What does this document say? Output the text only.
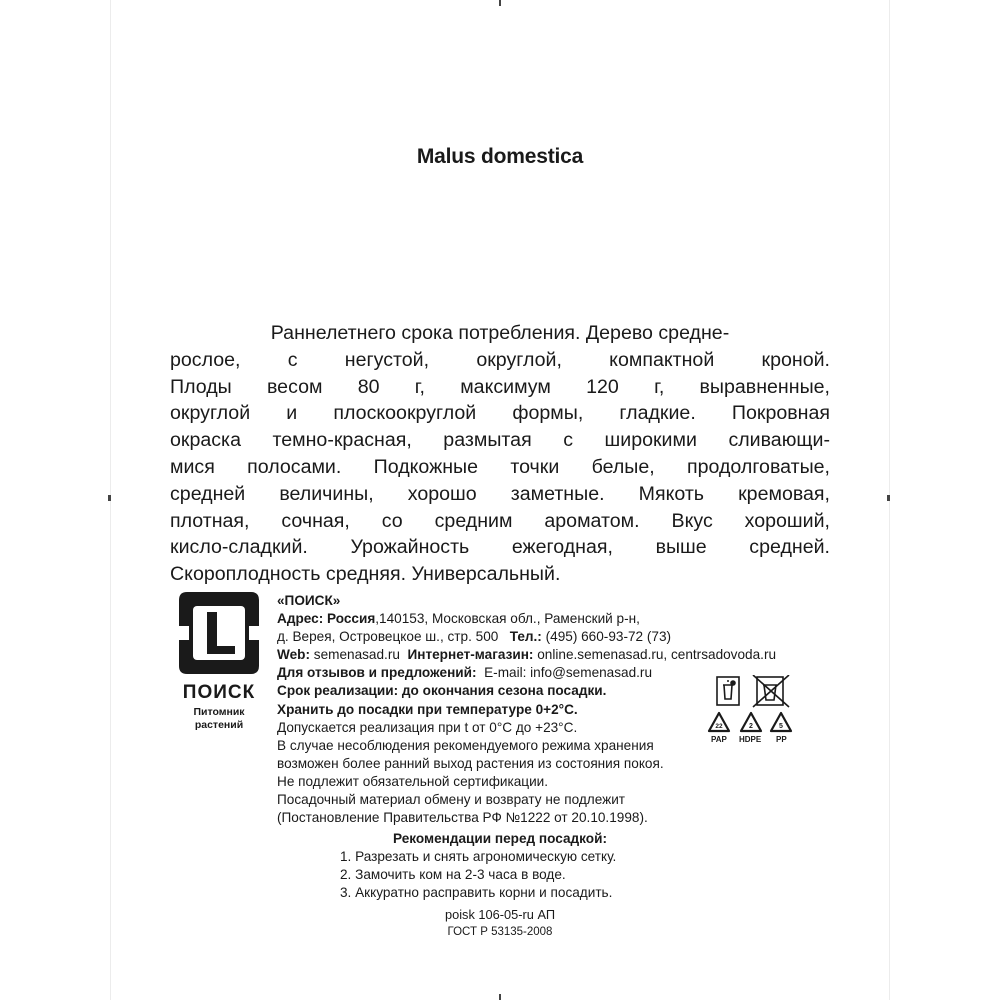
Malus domestica
Раннелетнего срока потребления. Дерево средне-
рослое, с негустой, округлой, компактной кроной.
Плоды весом 80 г, максимум 120 г, выравненные,
округлой и плоскоокруглой формы, гладкие. Покровная
окраска темно-красная, размытая с широкими сливающи-
мися полосами. Подкожные точки белые, продолговатые,
средней величины, хорошо заметные. Мякоть кремовая,
плотная, сочная, со средним ароматом. Вкус хороший,
кисло-сладкий. Урожайность ежегодная, выше средней.
Скороплодность средняя. Универсальный.
ПОИСК
Питомник
растений
«ПОИСК»
Адрес: Россия,140153, Московская обл., Раменский р-н,
д. Верея, Островецкое ш., стр. 500 Тел.: (495) 660-93-72 (73)
Web: semenasad.ru Интернет-магазин: online.semenasad.ru, centrsadovoda.ru
Для отзывов и предложений: E-mail: info@semenasad.ru
Срок реализации: до окончания сезона посадки.
Хранить до посадки при температуре 0+2°С.
Допускается реализация при t от 0°С до +23°С.
В случае несоблюдения рекомендуемого режима хранения
возможен более ранний выход растения из состояния покоя.
Не подлежит обязательной сертификации.
Посадочный материал обмену и возврату не подлежит
(Постановление Правительства РФ №1222 от 20.10.1998).
22	2	5
PAP HDPE PP
Рекомендации перед посадкой:
1. Разрезать и снять агрономическую сетку.
2. Замочить ком на 2-3 часа в воде.
3. Аккуратно расправить корни и посадить.
poisk 106-05-ru АП
ГОСТ Р 53135-2008
